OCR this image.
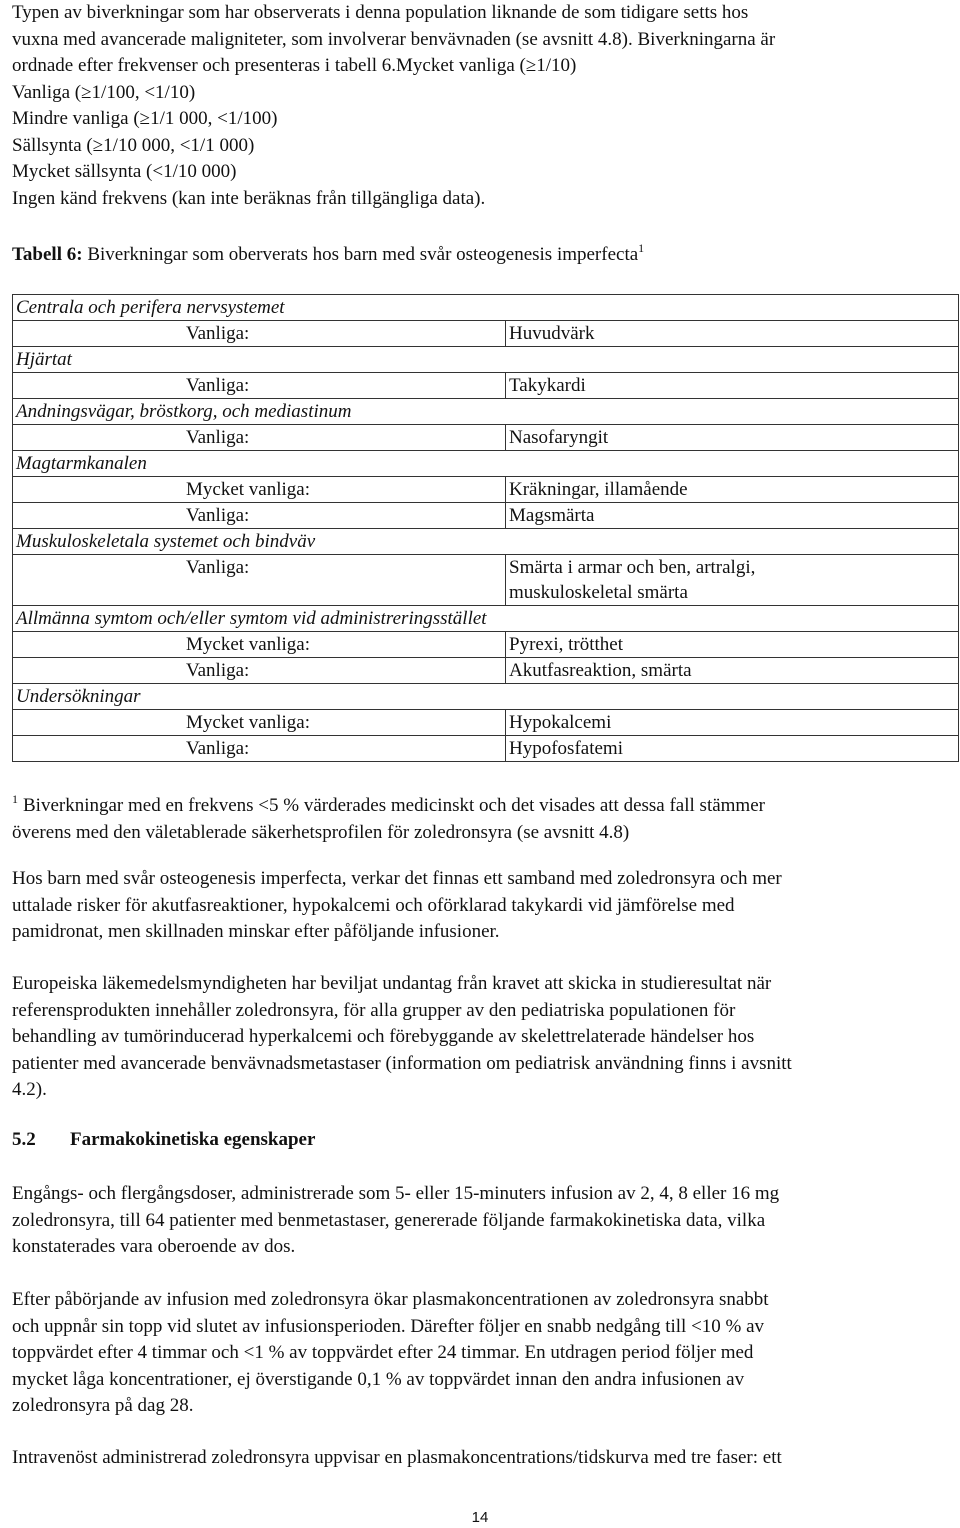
Typen av biverkningar som har observerats i denna population liknande de som tidigare setts hos
vuxna med avancerade maligniteter, som involverar benvävnaden (se avsnitt 4.8). Biverkningarna är
ordnade efter frekvenser och presenteras i tabell 6.Mycket vanliga (≥1/10)
Vanliga (≥1/100, <1/10)
Mindre vanliga (≥1/1 000, <1/100)
Sällsynta (≥1/10 000, <1/1 000)
Mycket sällsynta (<1/10 000)
Ingen känd frekvens (kan inte beräknas från tillgängliga data).
Tabell 6: Biverkningar som oberverats hos barn med svår osteogenesis imperfecta$^1$
Centrala och perifera nervsystemet	
Vanliga:	Huvudvärk
Hjärtat	
Vanliga:	Takykardi
Andningsvägar, bröstkorg, och mediastinum	
Vanliga:	Nasofaryngit
Magtarmkanalen	
Mycket vanliga:	Kräkningar, illamående
Vanliga:	Magsmärta
Muskuloskeletala systemet och bindväv	
Vanliga:	Smärta i armar och ben, artralgi,
muskuloskeletal smärta

Allmänna symtom och/eller symtom vid administreringsstället	
Mycket vanliga:	Pyrexi, trötthet
Vanliga:	Akutfasreaktion, smärta
Undersökningar	
Mycket vanliga:	Hypokalcemi
Vanliga:	Hypofosfatemi
$^1$ Biverkningar med en frekvens <5 % värderades medicinskt och det visades att dessa fall stämmer
överens med den väletablerade säkerhetsprofilen för zoledronsyra (se avsnitt 4.8)
Hos barn med svår osteogenesis imperfecta, verkar det finnas ett samband med zoledronsyra och mer
uttalade risker för akutfasreaktioner, hypokalcemi och oförklarad takykardi vid jämförelse med
pamidronat, men skillnaden minskar efter påföljande infusioner.
Europeiska läkemedelsmyndigheten har beviljat undantag från kravet att skicka in studieresultat när
referensprodukten innehåller zoledronsyra, för alla grupper av den pediatriska populationen för
behandling av tumörinducerad hyperkalcemi och förebyggande av skelettrelaterade händelser hos
patienter med avancerade benvävnadsmetastaser (information om pediatrisk användning finns i avsnitt
4.2).
5.2 Farmakokinetiska egenskaper
Engångs- och flergångsdoser, administrerade som 5- eller 15-minuters infusion av 2, 4, 8 eller 16 mg
zoledronsyra, till 64 patienter med benmetastaser, genererade följande farmakokinetiska data, vilka
konstaterades vara oberoende av dos.
Efter påbörjande av infusion med zoledronsyra ökar plasmakoncentrationen av zoledronsyra snabbt
och uppnår sin topp vid slutet av infusionsperioden. Därefter följer en snabb nedgång till <10 % av
toppvärdet efter 4 timmar och <1 % av toppvärdet efter 24 timmar. En utdragen period följer med
mycket låga koncentrationer, ej överstigande 0,1 % av toppvärdet innan den andra infusionen av
zoledronsyra på dag 28.
Intravenöst administrerad zoledronsyra uppvisar en plasmakoncentrations/tidskurva med tre faser: ett
14
